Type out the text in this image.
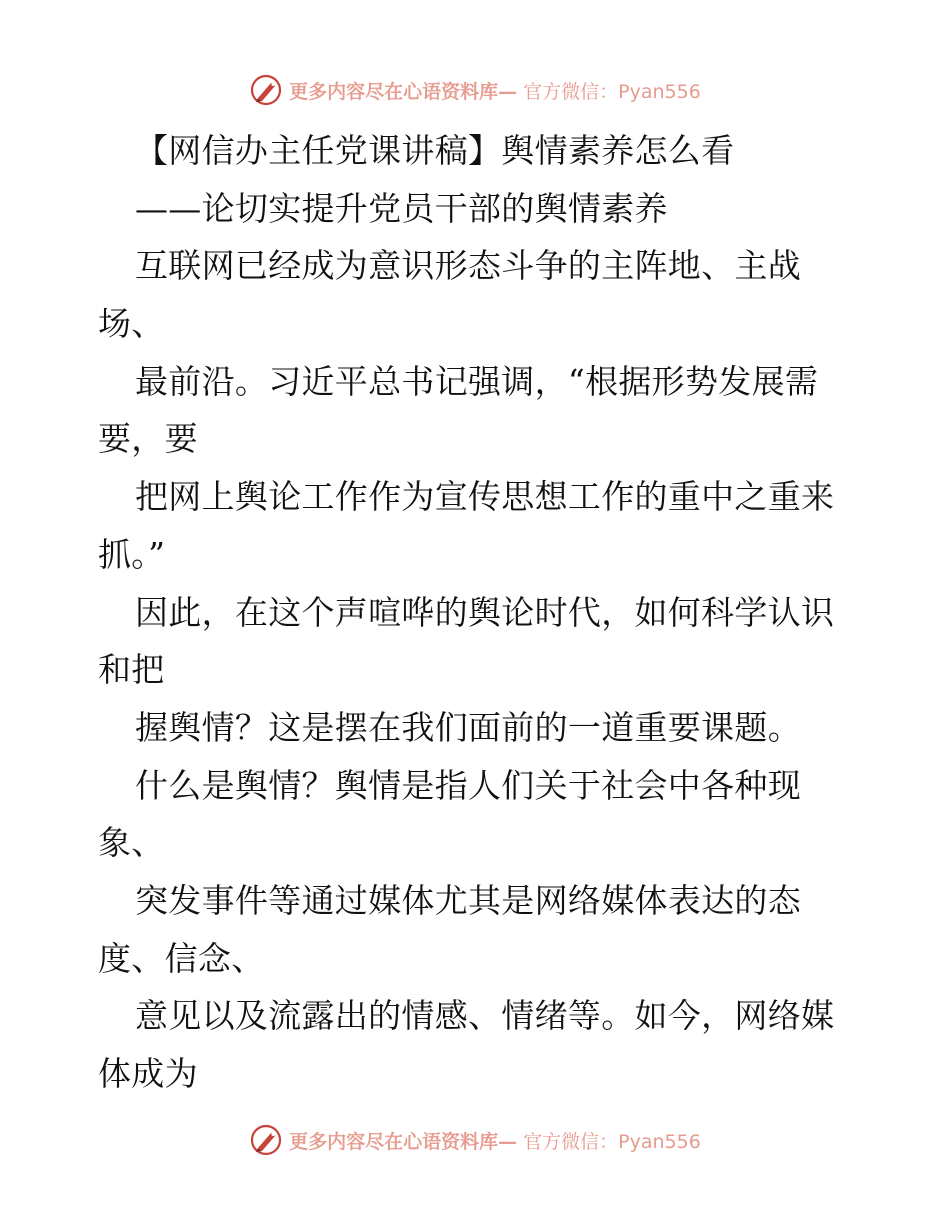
更多内容尽在心语资料库— 官方微信：Pyan556
【网信办主任党课讲稿】舆情素养怎么看
——论切实提升党员干部的舆情素养
互联网已经成为意识形态斗争的主阵地、主战
场、
最前沿。习近平总书记强调，“根据形势发展需
要，要
把网上舆论工作作为宣传思想工作的重中之重来
抓。”
因此，在这个声喧哗的舆论时代，如何科学认识
和把
握舆情？这是摆在我们面前的一道重要课题。
什么是舆情？舆情是指人们关于社会中各种现
象、
突发事件等通过媒体尤其是网络媒体表达的态
度、信念、
意见以及流露出的情感、情绪等。如今，网络媒
体成为
更多内容尽在心语资料库— 官方微信：Pyan556
